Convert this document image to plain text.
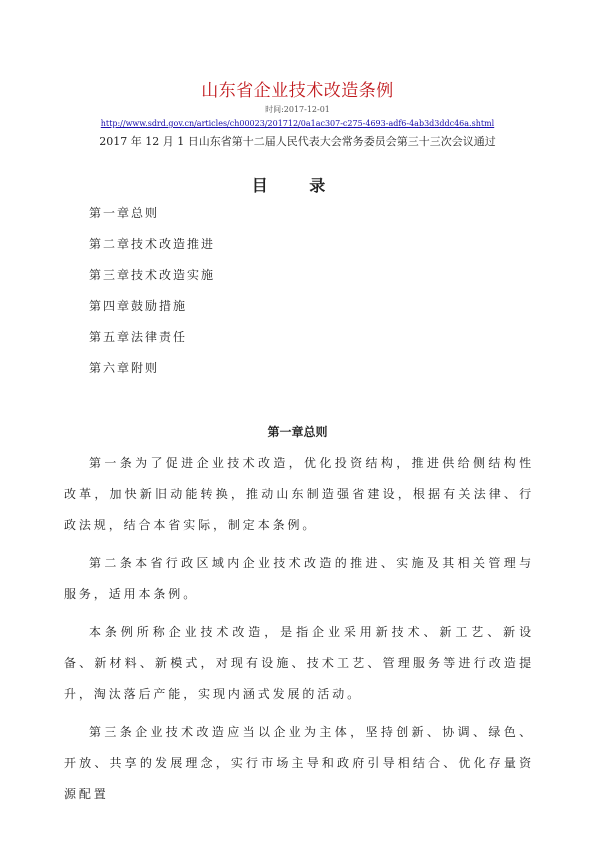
山东省企业技术改造条例
时间:2017-12-01
http://www.sdrd.gov.cn/articles/ch00023/201712/0a1ac307-c275-4693-adf6-4ab3d3ddc46a.shtml
2017 年 12 月 1 日山东省第十二届人民代表大会常务委员会第三十三次会议通过
目 录
第一章总则
第二章技术改造推进
第三章技术改造实施
第四章鼓励措施
第五章法律责任
第六章附则
第一章总则

第一条为了促进企业技术改造，优化投资结构，推进供给侧结构性改革，加快新旧动能转换，推动山东制造强省建设，根据有关法律、行政法规，结合本省实际，制定本条例。

第二条本省行政区域内企业技术改造的推进、实施及其相关管理与服务，适用本条例。

本条例所称企业技术改造，是指企业采用新技术、新工艺、新设备、新材料、新模式，对现有设施、技术工艺、管理服务等进行改造提升，淘汰落后产能，实现内涵式发展的活动。

第三条企业技术改造应当以企业为主体，坚持创新、协调、绿色、开放、共享的发展理念，实行市场主导和政府引导相结合、优化存量资源配置
